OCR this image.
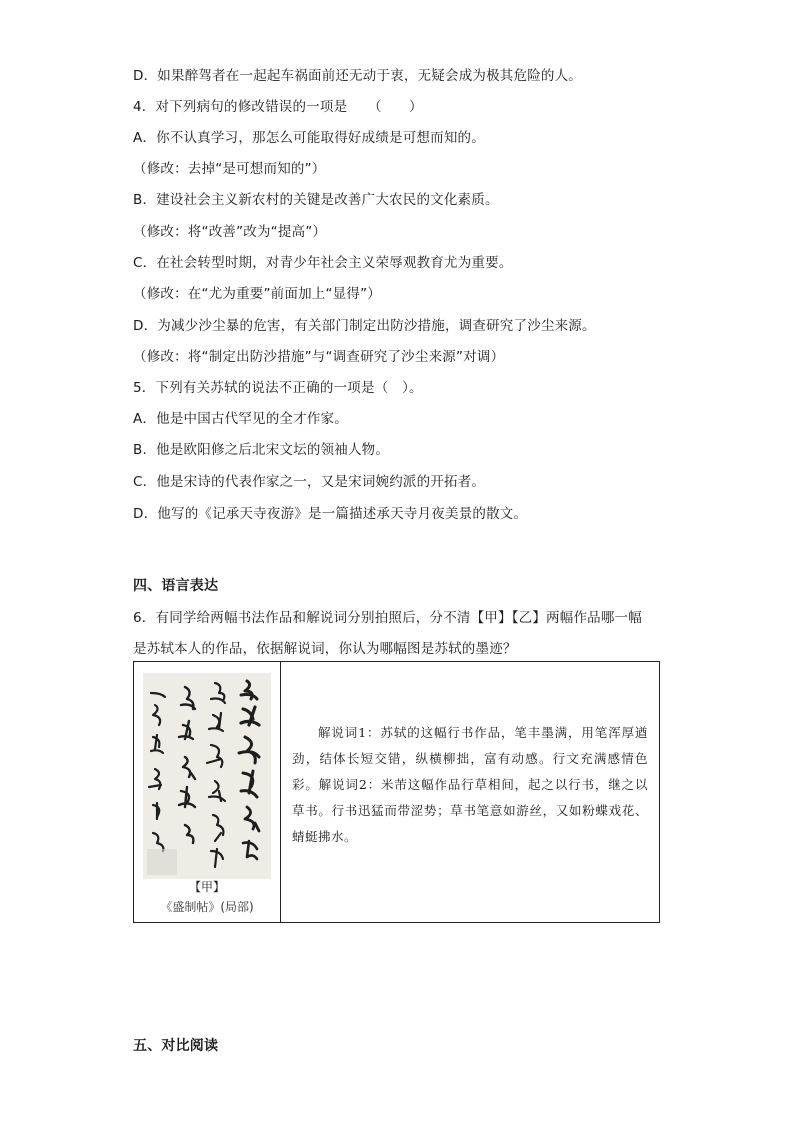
D．如果醉驾者在一起起车祸面前还无动于衷，无疑会成为极其危险的人。
4．对下列病句的修改错误的一项是　　（　　）
A．你不认真学习，那怎么可能取得好成绩是可想而知的。
（修改：去掉“是可想而知的”）
B．建设社会主义新农村的关键是改善广大农民的文化素质。
（修改：将“改善”改为“提高”）
C．在社会转型时期，对青少年社会主义荣辱观教育尤为重要。
（修改：在“尤为重要”前面加上“显得”）
D．为减少沙尘暴的危害，有关部门制定出防沙措施，调查研究了沙尘来源。
（修改：将“制定出防沙措施”与“调查研究了沙尘来源”对调）
5．下列有关苏轼的说法不正确的一项是（　）。
A．他是中国古代罕见的全才作家。
B．他是欧阳修之后北宋文坛的领袖人物。
C．他是宋诗的代表作家之一，又是宋词婉约派的开拓者。
D．他写的《记承天寺夜游》是一篇描述承天寺月夜美景的散文。
四、语言表达
6．有同学给两幅书法作品和解说词分别拍照后，分不清【甲】【乙】两幅作品哪一幅
是苏轼本人的作品，依据解说词，你认为哪幅图是苏轼的墨迹？
【甲】
《盛制帖》(局部)
解说词1：苏轼的这幅行书作品，笔丰墨满，用笔浑厚遒劲，结体长短交错，纵横柳拙，富有动感。行文充满感情色彩。解说词2：米芾这幅作品行草相间，起之以行书，继之以草书。行书迅猛而带涩势；草书笔意如游丝，又如粉蝶戏花、蜻蜓拂水。
五、对比阅读
